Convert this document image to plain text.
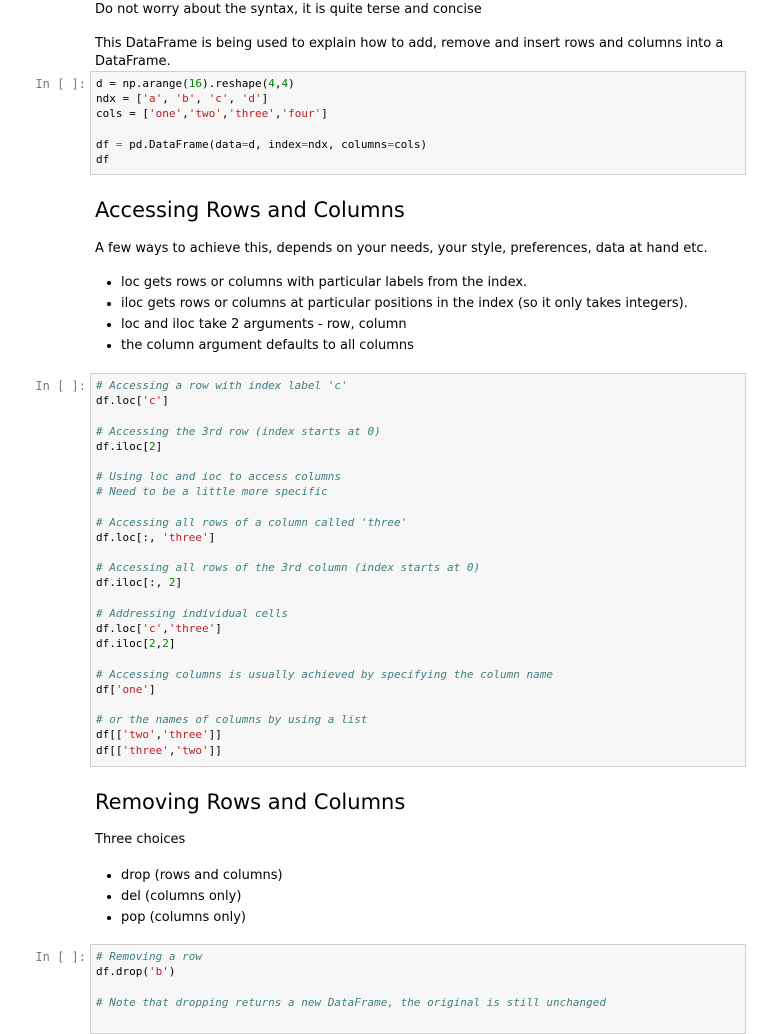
Do not worry about the syntax, it is quite terse and concise

This DataFrame is being used to explain how to add, remove and insert rows and columns into a DataFrame.

In [ ]: d = np.arange(16).reshape(4,4)
ndx = ['a', 'b', 'c', 'd']
cols = ['one','two','three','four']
df = pd.DataFrame(data=d, index=ndx, columns=cols)
df
Accessing Rows and Columns

A few ways to achieve this, depends on your needs, your style, preferences, data at hand etc.

• loc gets rows or columns with particular labels from the index.
• iloc gets rows or columns at particular positions in the index (so it only takes integers).
• loc and iloc take 2 arguments - row, column
• the column argument defaults to all columns
In [ ]: # Accessing a row with index label 'c'
df.loc['c']
# Accessing the 3rd row (index starts at 0)
df.iloc[2]
# Using loc and ioc to access columns
# Need to be a little more specific
# Accessing all rows of a column called 'three'
df.loc[:, 'three']
# Accessing all rows of the 3rd column (index starts at 0)
df.iloc[:, 2]
# Addressing individual cells
df.loc['c','three']
df.iloc[2,2]
# Accessing columns is usually achieved by specifying the column name
df['one']
# or the names of columns by using a list
df[['two','three']]
df[['three','two']]
Removing Rows and Columns

Three choices

• drop (rows and columns)
• del (columns only)
• pop (columns only)
In [ ]: # Removing a row
df.drop('b')
# Note that dropping returns a new DataFrame, the original is still unchanged
